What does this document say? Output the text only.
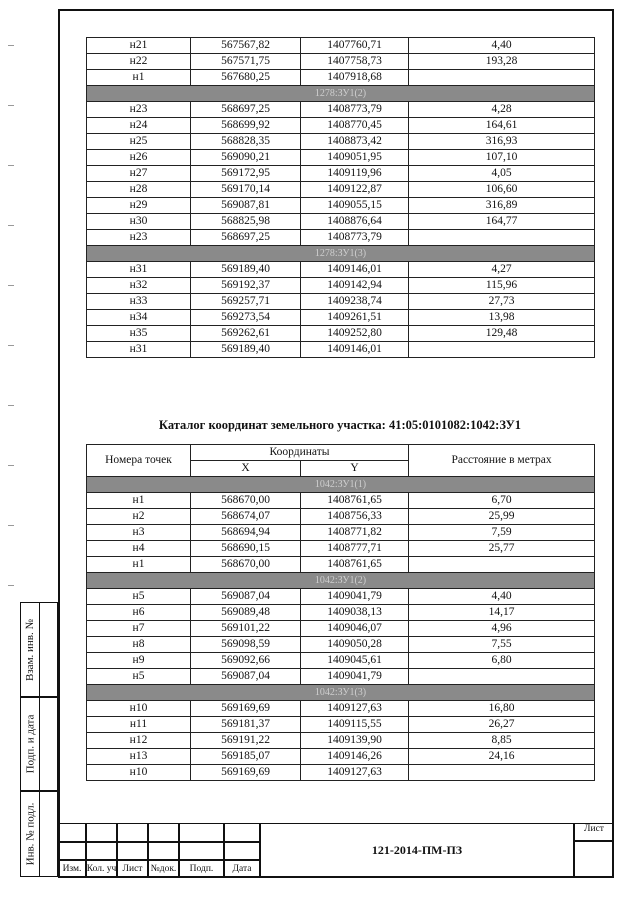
Взам. инв. №
Подп. и дата
Инв. № подл.
н21	567567,82	1407760,71	4,40
н22	567571,75	1407758,73	193,28
н1	567680,25	1407918,68	
1278:ЗУ1(2)			
н23	568697,25	1408773,79	4,28
н24	568699,92	1408770,45	164,61
н25	568828,35	1408873,42	316,93
н26	569090,21	1409051,95	107,10
н27	569172,95	1409119,96	4,05
н28	569170,14	1409122,87	106,60
н29	569087,81	1409055,15	316,89
н30	568825,98	1408876,64	164,77
н23	568697,25	1408773,79	
1278:ЗУ1(3)			
н31	569189,40	1409146,01	4,27
н32	569192,37	1409142,94	115,96
н33	569257,71	1409238,74	27,73
н34	569273,54	1409261,51	13,98
н35	569262,61	1409252,80	129,48
н31	569189,40	1409146,01	
Каталог координат земельного участка: 41:05:0101082:1042:ЗУ1
Номера точек	Координаты		Расстояние в метрах
	X	Y	
1042:ЗУ1(1)			
н1	568670,00	1408761,65	6,70
н2	568674,07	1408756,33	25,99
н3	568694,94	1408771,82	7,59
н4	568690,15	1408777,71	25,77
н1	568670,00	1408761,65	
1042:ЗУ1(2)			
н5	569087,04	1409041,79	4,40
н6	569089,48	1409038,13	14,17
н7	569101,22	1409046,07	4,96
н8	569098,59	1409050,28	7,55
н9	569092,66	1409045,61	6,80
н5	569087,04	1409041,79	
1042:ЗУ1(3)			
н10	569169,69	1409127,63	16,80
н11	569181,37	1409115,55	26,27
н12	569191,22	1409139,90	8,85
н13	569185,07	1409146,26	24,16
н10	569169,69	1409127,63	
Изм. Кол. уч Лист №док.	Подп.	Дата
121-2014-ПМ-ПЗ
Лист
